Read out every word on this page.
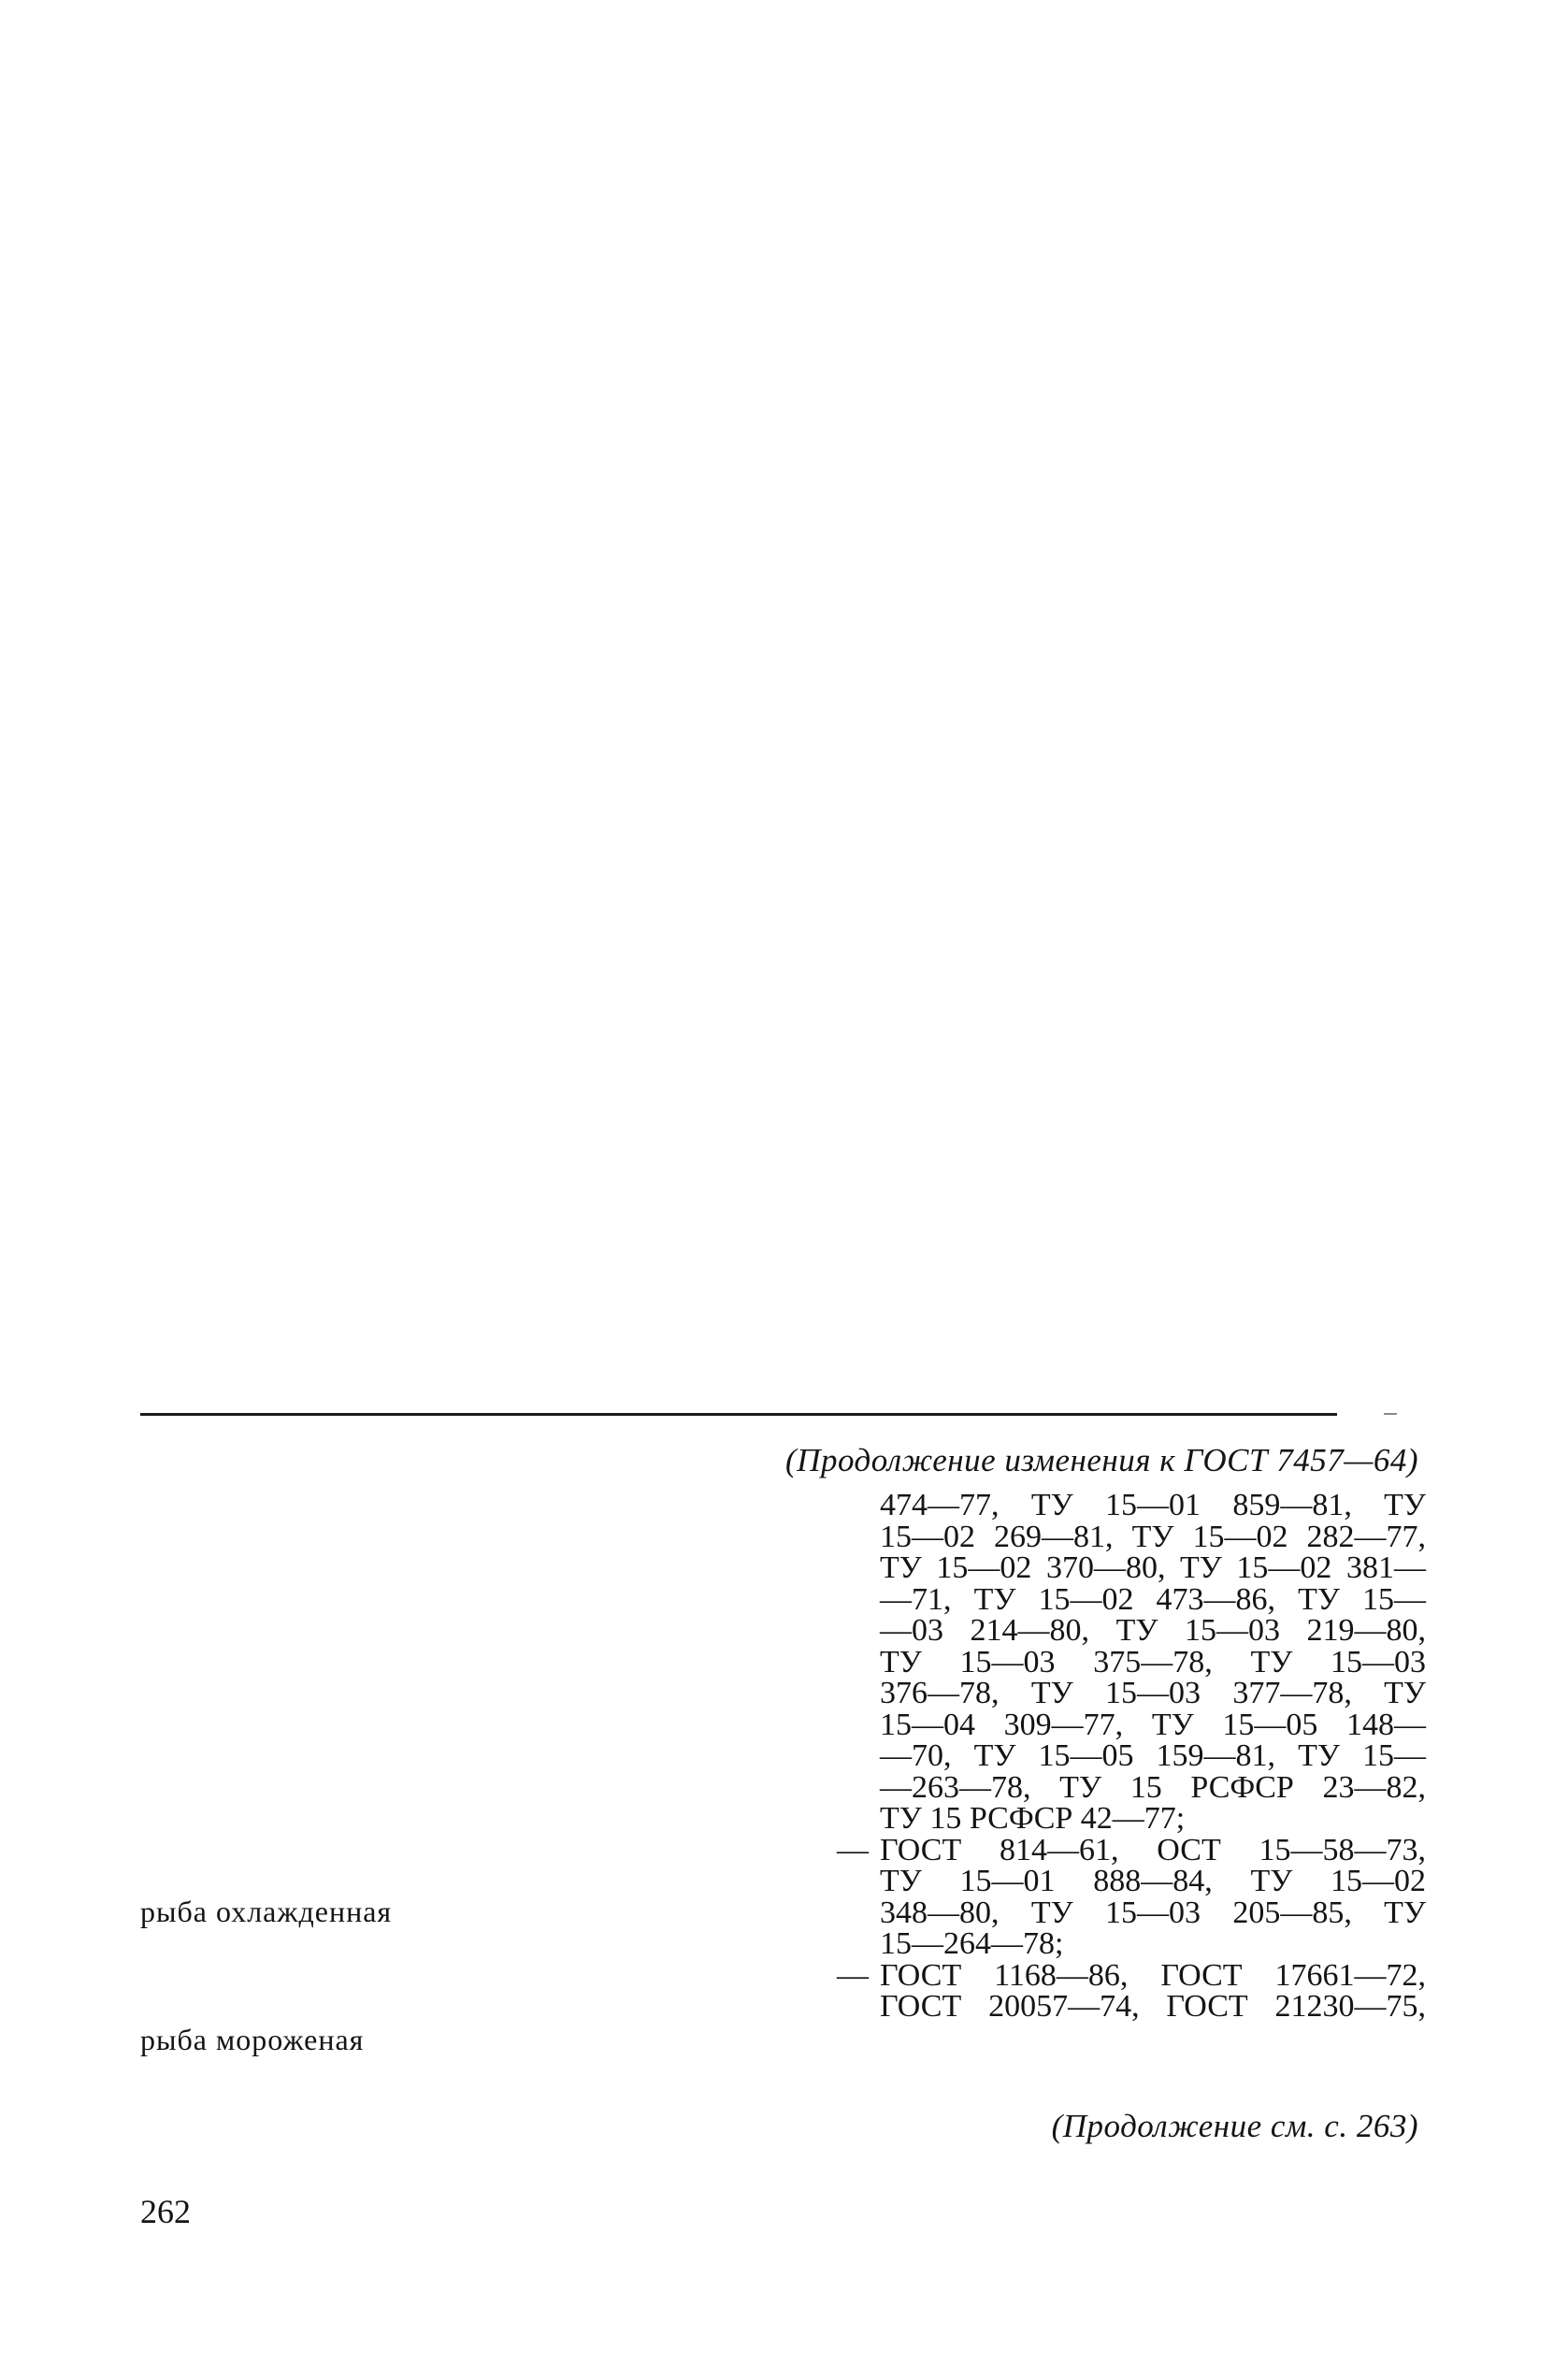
(Продолжение изменения к ГОСТ 7457—64)
474—77, ТУ 15—01 859—81, ТУ
15—02 269—81, ТУ 15—02 282—77,
ТУ 15—02 370—80, ТУ 15—02 381—
—71, ТУ 15—02 473—86, ТУ 15—
—03 214—80, ТУ 15—03 219—80,
ТУ 15—03 375—78, ТУ 15—03
376—78, ТУ 15—03 377—78, ТУ
15—04 309—77, ТУ 15—05 148—
—70, ТУ 15—05 159—81, ТУ 15—
—263—78, ТУ 15 РСФСР 23—82,
ТУ 15 РСФСР 42—77;
— ГОСТ 814—61, ОСТ 15—58—73,
ТУ 15—01 888—84, ТУ 15—02
348—80, ТУ 15—03 205—85, ТУ
15—264—78;
— ГОСТ 1168—86, ГОСТ 17661—72,
ГОСТ 20057—74, ГОСТ 21230—75,
рыба охлажденная
рыба мороженая
(Продолжение см. с. 263)
262
